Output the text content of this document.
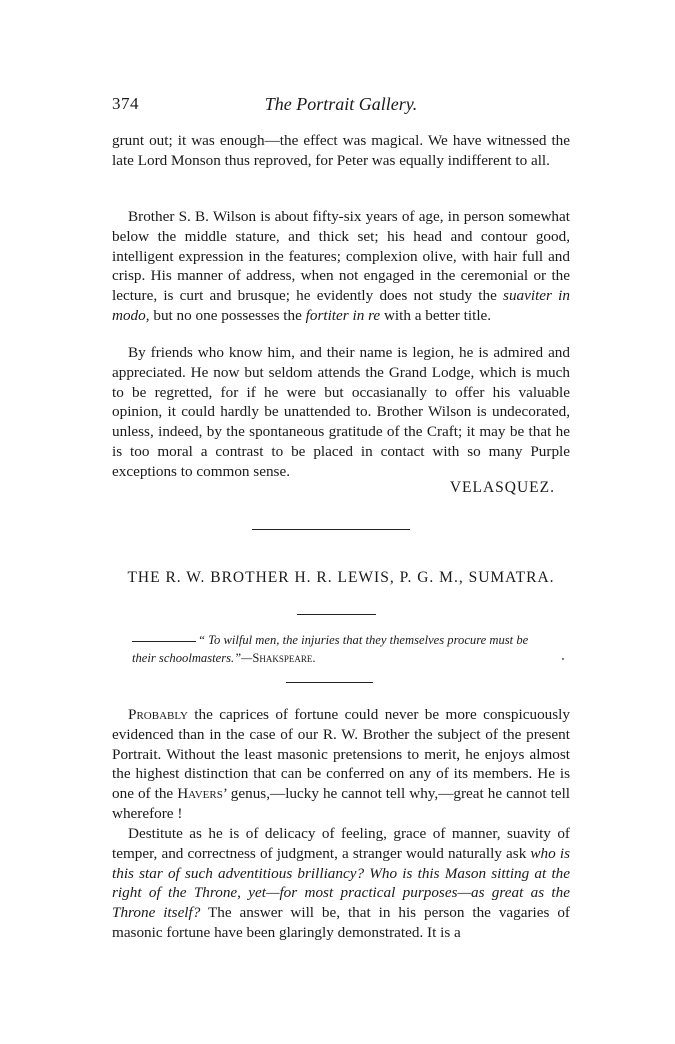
374	The Portrait Gallery.

grunt out; it was enough—the effect was magical. We have witnessed the late Lord Monson thus reproved, for Peter was equally indifferent to all.

Brother S. B. Wilson is about fifty-six years of age, in person somewhat below the middle stature, and thick set; his head and contour good, intelligent expression in the features; complexion olive, with hair full and crisp. His manner of address, when not engaged in the ceremonial or the lecture, is curt and brusque; he evidently does not study the suaviter in modo, but no one possesses the fortiter in re with a better title.

By friends who know him, and their name is legion, he is admired and appreciated. He now but seldom attends the Grand Lodge, which is much to be regretted, for if he were but occasianally to offer his valuable opinion, it could hardly be unattended to. Brother Wilson is undecorated, unless, indeed, by the spontaneous gratitude of the Craft; it may be that he is too moral a contrast to be placed in contact with so many Purple exceptions to common sense.

VELASQUEZ.
THE R. W. BROTHER H. R. LEWIS, P. G. M., SUMATRA.

“ To wilful men, the injuries that they themselves procure must be their schoolmasters.”—Shakspeare.

Probably the caprices of fortune could never be more conspicuously evidenced than in the case of our R. W. Brother the subject of the present Portrait. Without the least masonic pretensions to merit, he enjoys almost the highest distinction that can be conferred on any of its members. He is one of the Havers’ genus,—lucky he cannot tell why,—great he cannot tell wherefore !

Destitute as he is of delicacy of feeling, grace of manner, suavity of temper, and correctness of judgment, a stranger would naturally ask who is this star of such adventitious brilliancy? Who is this Mason sitting at the right of the Throne, yet—for most practical purposes—as great as the Throne itself? The answer will be, that in his person the vagaries of masonic fortune have been glaringly demonstrated. It is a
